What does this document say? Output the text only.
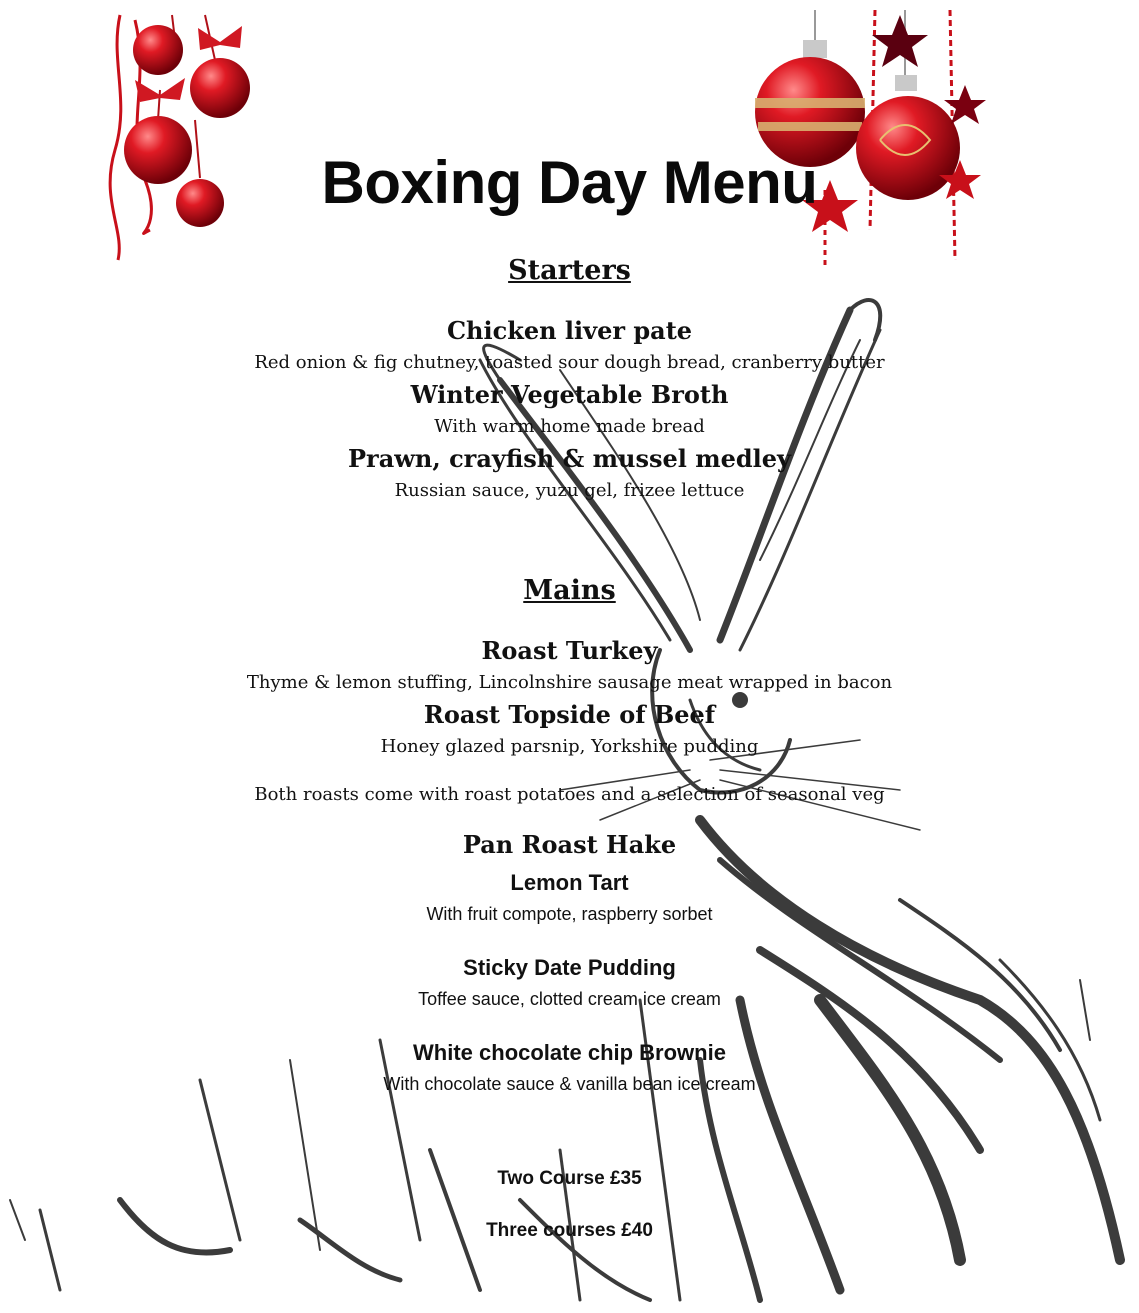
Boxing Day Menu
Starters
Chicken liver pate
Red onion & fig chutney, toasted sour dough bread, cranberry butter
Winter Vegetable Broth
With warm home made bread
Prawn, crayfish & mussel medley
Russian sauce, yuzu gel, frizee lettuce
Mains
Roast Turkey
Thyme & lemon stuffing, Lincolnshire sausage meat wrapped in bacon
Roast Topside of Beef
Honey glazed parsnip, Yorkshire pudding
Both roasts come with roast potatoes and a selection of seasonal veg
Pan Roast Hake
Lemon Tart
With fruit compote, raspberry sorbet
Sticky Date Pudding
Toffee sauce, clotted cream ice cream
White chocolate chip Brownie
With chocolate sauce & vanilla bean ice cream
Two Course £35
Three courses £40
